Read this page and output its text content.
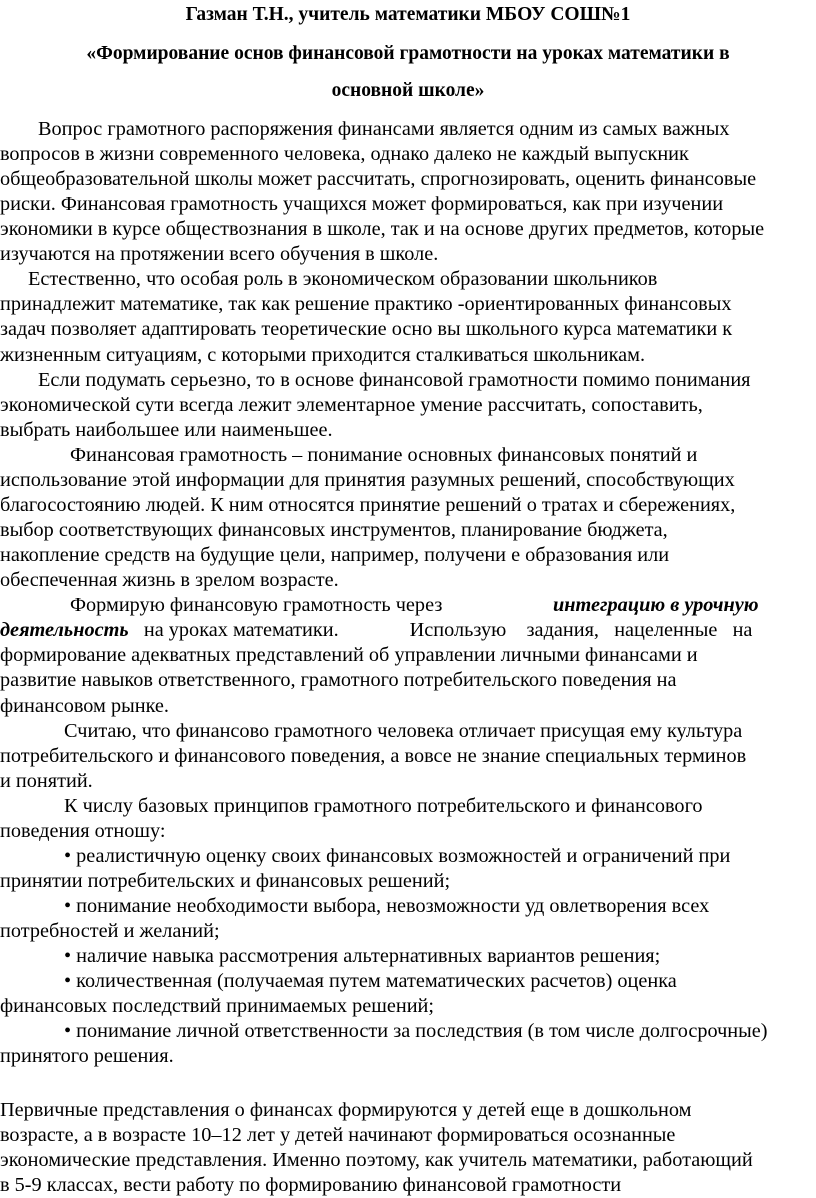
Газман Т.Н., учитель математики МБОУ СОШ№1
«Формирование основ финансовой грамотности на уроках математики в
основной школе»
Вопрос грамотного распоряжения финансами является одним из самых важных
вопросов в жизни современного человека, однако далеко не каждый выпускник
общеобразовательной школы может рассчитать, спрогнозировать, оценить финансовые
риски. Финансовая грамотность учащихся может формироваться, как при изучении
экономики в курсе обществознания в школе, так и на основе других предметов, которые
изучаются на протяжении всего обучения в школе.
Естественно, что особая роль в экономическом образовании школьников
принадлежит математике, так как решение практико -ориентированных финансовых
задач позволяет адаптировать теоретические осно вы школьного курса математики к
жизненным ситуациям, с которыми приходится сталкиваться школьникам.
Если подумать серьезно, то в основе финансовой грамотности помимо понимания
экономической сути всегда лежит элементарное умение рассчитать, сопоставить,
выбрать наибольшее или наименьшее.
Финансовая грамотность – понимание основных финансовых понятий и
использование этой информации для принятия разумных решений, способствующих
благосостоянию людей. К ним относятся принятие решений о тратах и сбережениях,
выбор соответствующих финансовых инструментов, планирование бюджета,
накопление средств на будущие цели, например, получени е образования или
обеспеченная жизнь в зрелом возрасте.
Формирую финансовую грамотность через	интеграцию в урочную
деятельность   на уроках математики.              Использую    задания,   нацеленные   на
формирование адекватных представлений об управлении личными финансами и
развитие навыков ответственного, грамотного потребительского поведения на
финансовом рынке.
Считаю, что финансово грамотного человека отличает присущая ему культура
потребительского и финансового поведения, а вовсе не знание специальных терминов
и понятий.
К числу базовых принципов грамотного потребительского и финансового
поведения отношу:
• реалистичную оценку своих финансовых возможностей и ограничений при
принятии потребительских и финансовых решений;
• понимание необходимости выбора, невозможности уд овлетворения всех
потребностей и желаний;
• наличие навыка рассмотрения альтернативных вариантов решения;
• количественная (получаемая путем математических расчетов) оценка
финансовых последствий принимаемых решений;
• понимание личной ответственности за последствия (в том числе долгосрочные)
принятого решения.
Первичные представления о финансах формируются у детей еще в дошкольном
возрасте, а в возрасте 10–12 лет у детей начинают формироваться осознанные
экономические представления. Именно поэтому, как учитель математики, работающий
в 5-9 классах, вести работу по формированию финансовой грамотности
